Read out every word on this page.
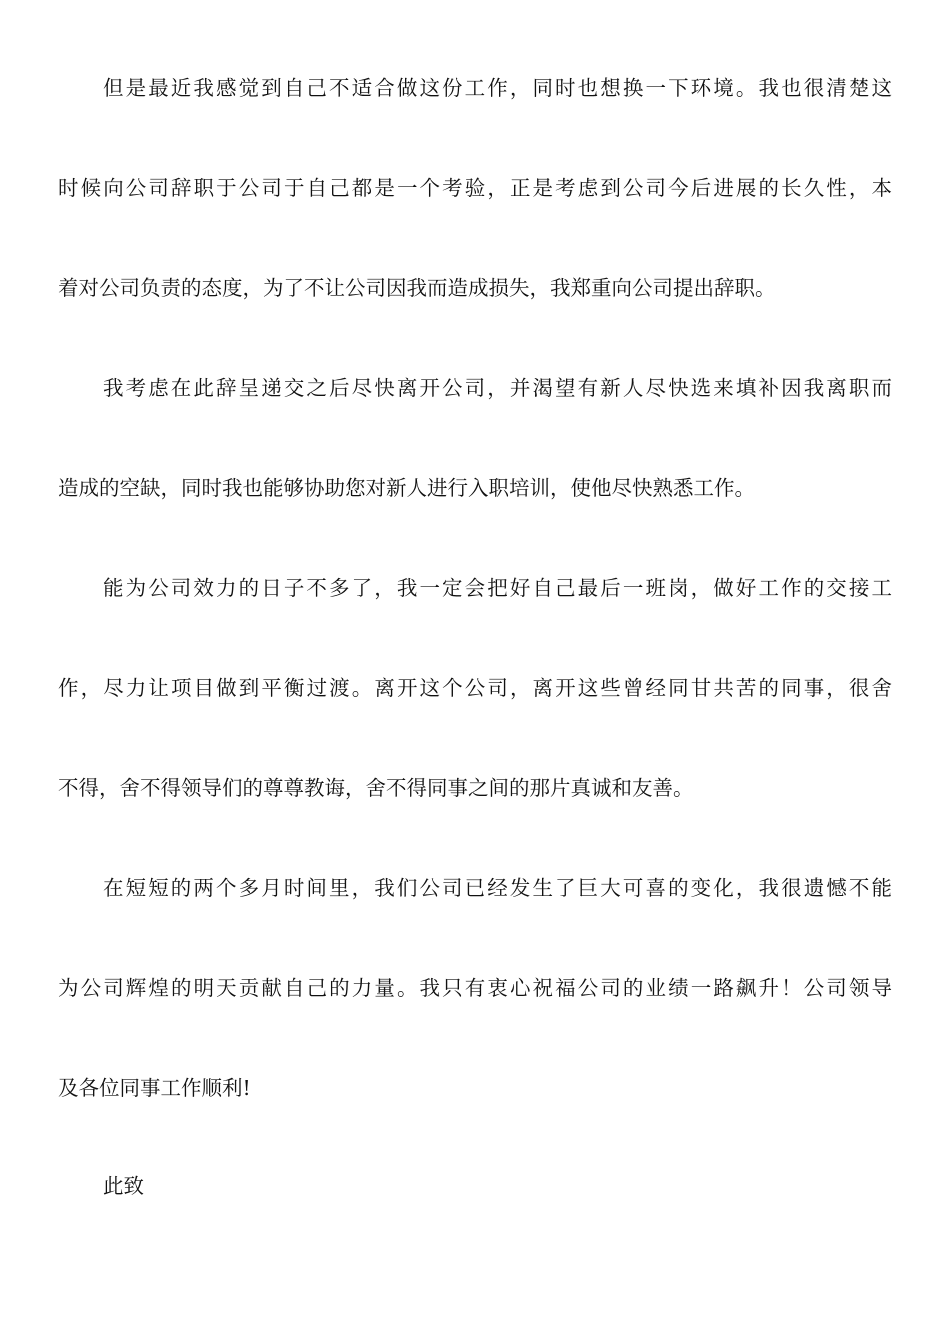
但是最近我感觉到自己不适合做这份工作，同时也想换一下环境。我也很清楚这
时候向公司辞职于公司于自己都是一个考验，正是考虑到公司今后进展的长久性，本
着对公司负责的态度，为了不让公司因我而造成损失，我郑重向公司提出辞职。
我考虑在此辞呈递交之后尽快离开公司，并渴望有新人尽快选来填补因我离职而
造成的空缺，同时我也能够协助您对新人进行入职培训，使他尽快熟悉工作。
能为公司效力的日子不多了，我一定会把好自己最后一班岗，做好工作的交接工
作，尽力让项目做到平衡过渡。离开这个公司，离开这些曾经同甘共苦的同事，很舍
不得，舍不得领导们的尊尊教诲，舍不得同事之间的那片真诚和友善。
在短短的两个多月时间里，我们公司已经发生了巨大可喜的变化，我很遗憾不能
为公司辉煌的明天贡献自己的力量。我只有衷心祝福公司的业绩一路飙升！公司领导
及各位同事工作顺利!
此致
